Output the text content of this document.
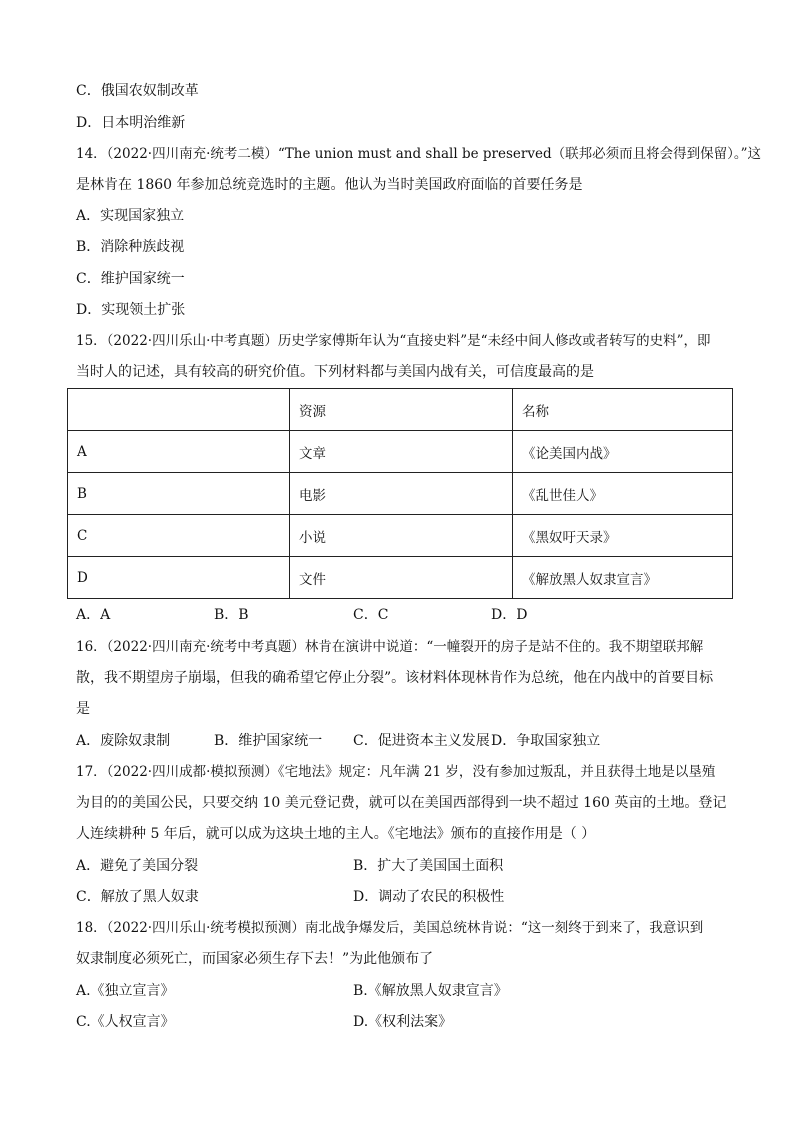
C．俄国农奴制改革
D．日本明治维新
14．（2022·四川南充·统考二模）“The union must and shall be preserved（联邦必须而且将会得到保留）。”这
是林肯在 1860 年参加总统竞选时的主题。他认为当时美国政府面临的首要任务是
A．实现国家独立
B．消除种族歧视
C．维护国家统一
D．实现领土扩张
15．（2022·四川乐山·中考真题）历史学家傅斯年认为“直接史料”是“未经中间人修改或者转写的史料”，即
当时人的记述，具有较高的研究价值。下列材料都与美国内战有关，可信度最高的是
	资源	名称
A	文章	《论美国内战》
B	电影	《乱世佳人》
C	小说	《黑奴吁天录》
D	文件	《解放黑人奴隶宣言》
A．A	B．B	C．C	D．D
16．（2022·四川南充·统考中考真题）林肯在演讲中说道：“一幢裂开的房子是站不住的。我不期望联邦解
散，我不期望房子崩塌，但我的确希望它停止分裂”。该材料体现林肯作为总统，他在内战中的首要目标
是
A．废除奴隶制	B．维护国家统一 C．促进资本主义发展 D．争取国家独立
17．（2022·四川成都·模拟预测）《宅地法》规定：凡年满 21 岁，没有参加过叛乱，并且获得土地是以垦殖
为目的的美国公民，只要交纳 10 美元登记费，就可以在美国西部得到一块不超过 160 英亩的土地。登记
人连续耕种 5 年后，就可以成为这块土地的主人。《宅地法》颁布的直接作用是（ ）
A．避免了美国分裂	B．扩大了美国国土面积
C．解放了黑人奴隶	D．调动了农民的积极性
18．（2022·四川乐山·统考模拟预测）南北战争爆发后，美国总统林肯说：“这一刻终于到来了，我意识到
奴隶制度必须死亡，而国家必须生存下去！”为此他颁布了
A.《独立宣言》	B.《解放黑人奴隶宣言》
C.《人权宣言》	D.《权利法案》
